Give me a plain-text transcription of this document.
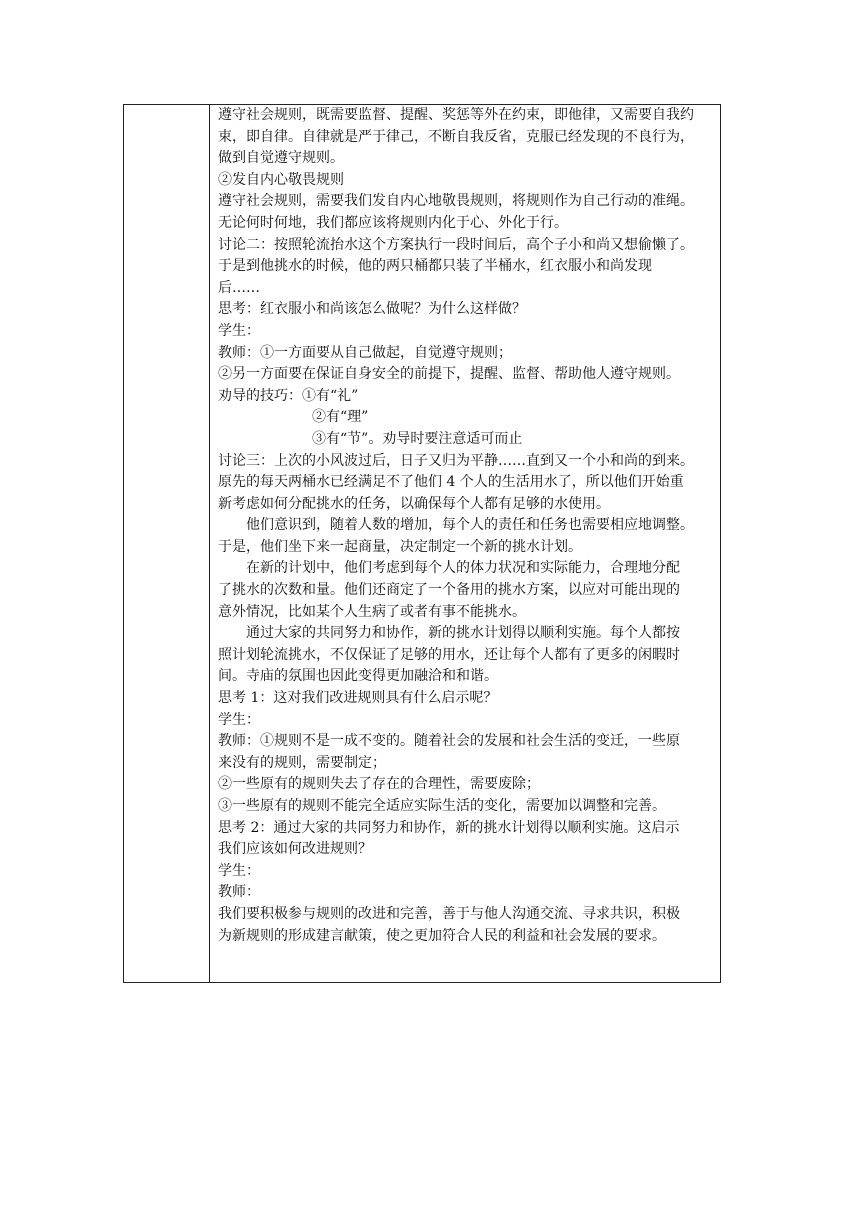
遵守社会规则，既需要监督、提醒、奖惩等外在约束，即他律，又需要自我约
束，即自律。自律就是严于律己，不断自我反省，克服已经发现的不良行为，
做到自觉遵守规则。
②发自内心敬畏规则
遵守社会规则，需要我们发自内心地敬畏规则，将规则作为自己行动的准绳。
无论何时何地，我们都应该将规则内化于心、外化于行。
讨论二：按照轮流抬水这个方案执行一段时间后，高个子小和尚又想偷懒了。
于是到他挑水的时候，他的两只桶都只装了半桶水，红衣服小和尚发现
后……
思考：红衣服小和尚该怎么做呢？为什么这样做？
学生：
教师：①一方面要从自己做起，自觉遵守规则；
②另一方面要在保证自身安全的前提下，提醒、监督、帮助他人遵守规则。
劝导的技巧：①有“礼”
②有“理”
③有“节”。劝导时要注意适可而止
讨论三：上次的小风波过后，日子又归为平静……直到又一个小和尚的到来。
原先的每天两桶水已经满足不了他们 4 个人的生活用水了，所以他们开始重
新考虑如何分配挑水的任务，以确保每个人都有足够的水使用。
他们意识到，随着人数的增加，每个人的责任和任务也需要相应地调整。
于是，他们坐下来一起商量，决定制定一个新的挑水计划。
在新的计划中，他们考虑到每个人的体力状况和实际能力，合理地分配
了挑水的次数和量。他们还商定了一个备用的挑水方案，以应对可能出现的
意外情况，比如某个人生病了或者有事不能挑水。
通过大家的共同努力和协作，新的挑水计划得以顺利实施。每个人都按
照计划轮流挑水，不仅保证了足够的用水，还让每个人都有了更多的闲暇时
间。寺庙的氛围也因此变得更加融洽和和谐。
思考 1：这对我们改进规则具有什么启示呢？
学生：
教师：①规则不是一成不变的。随着社会的发展和社会生活的变迁，一些原
来没有的规则，需要制定；
②一些原有的规则失去了存在的合理性，需要废除；
③一些原有的规则不能完全适应实际生活的变化，需要加以调整和完善。
思考 2：通过大家的共同努力和协作，新的挑水计划得以顺利实施。这启示
我们应该如何改进规则？
学生：
教师：
我们要积极参与规则的改进和完善，善于与他人沟通交流、寻求共识，积极
为新规则的形成建言献策，使之更加符合人民的利益和社会发展的要求。
